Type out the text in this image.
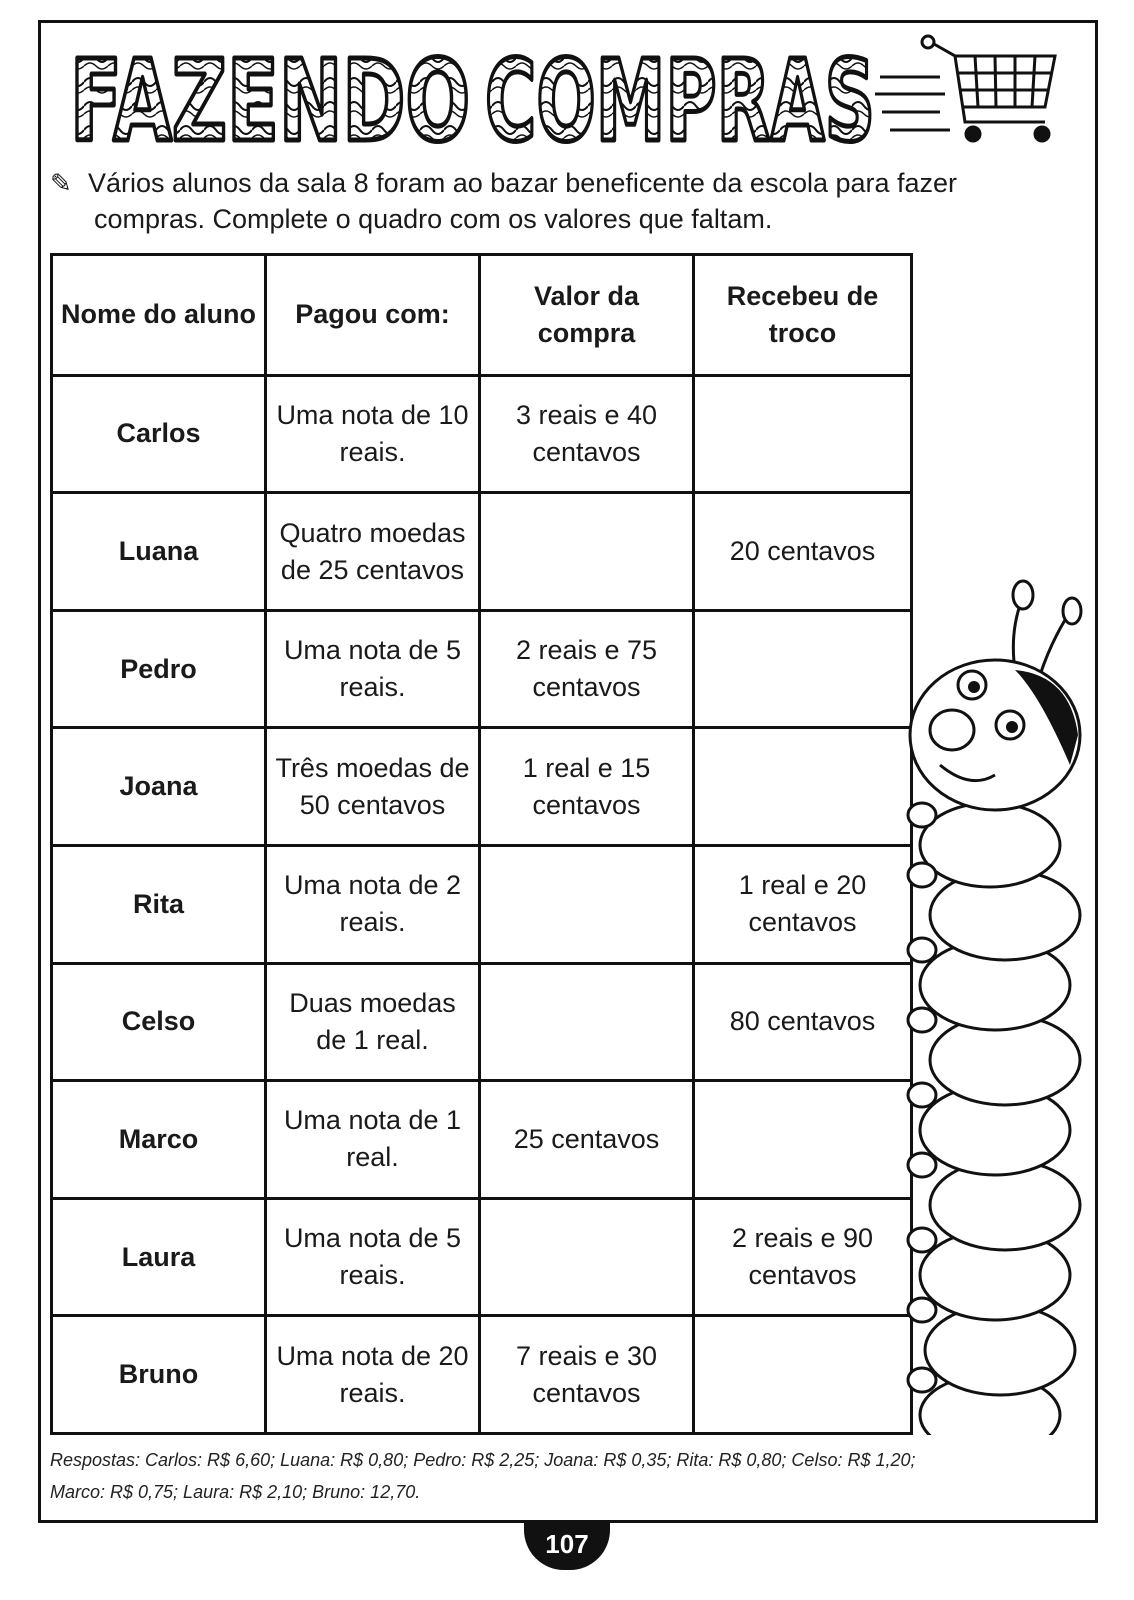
FAZENDO COMPRAS
✎ Vários alunos da sala 8 foram ao bazar beneficente da escola para fazer
compras. Complete o quadro com os valores que faltam.
Nome do aluno	Pagou com:	Valor da compra	Recebeu de troco
Carlos	Uma nota de 10 reais.	3 reais e 40 centavos	
Luana	Quatro moedas de 25 centavos		20 centavos
Pedro	Uma nota de 5 reais.	2 reais e 75 centavos	
Joana	Três moedas de 50 centavos	1 real e 15 centavos	
Rita	Uma nota de 2 reais.		1 real e 20 centavos
Celso	Duas moedas de 1 real.		80 centavos
Marco	Uma nota de 1 real.	25 centavos	
Laura	Uma nota de 5 reais.		2 reais e 90 centavos
Bruno	Uma nota de 20 reais.	7 reais e 30 centavos	
Respostas: Carlos: R$ 6,60; Luana: R$ 0,80; Pedro: R$ 2,25; Joana: R$ 0,35; Rita: R$ 0,80; Celso: R$ 1,20;
Marco: R$ 0,75; Laura: R$ 2,10; Bruno: 12,70.
107
